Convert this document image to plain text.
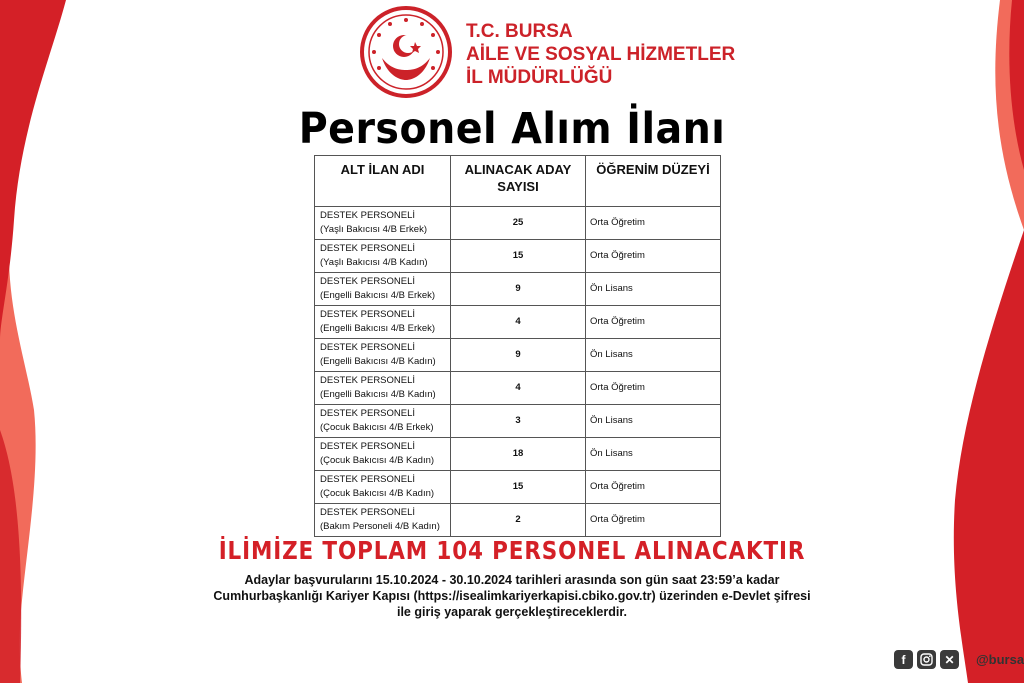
T.C. BURSA
AİLE VE SOSYAL HİZMETLER
İL MÜDÜRLÜĞÜ
Personel Alım İlanı
ALT İLAN ADI	ALINACAK ADAY SAYISI	ÖĞRENİM DÜZEYİ

DESTEK PERSONELİ
(Yaşlı Bakıcısı 4/B Erkek)	25	Orta Öğretim

DESTEK PERSONELİ
(Yaşlı Bakıcısı 4/B Kadın)	15	Orta Öğretim

DESTEK PERSONELİ
(Engelli Bakıcısı 4/B Erkek)	9	Ön Lisans

DESTEK PERSONELİ
(Engelli Bakıcısı 4/B Erkek)	4	Orta Öğretim

DESTEK PERSONELİ
(Engelli Bakıcısı 4/B Kadın)	9	Ön Lisans

DESTEK PERSONELİ
(Engelli Bakıcısı 4/B Kadın)	4	Orta Öğretim

DESTEK PERSONELİ
(Çocuk Bakıcısı 4/B Erkek)	3	Ön Lisans

DESTEK PERSONELİ
(Çocuk Bakıcısı 4/B Kadın)	18	Ön Lisans

DESTEK PERSONELİ
(Çocuk Bakıcısı 4/B Kadın)	15	Orta Öğretim

DESTEK PERSONELİ
(Bakım Personeli 4/B Kadın)	2	Orta Öğretim
İLİMİZE TOPLAM 104 PERSONEL ALINACAKTIR
Adaylar başvurularını 15.10.2024 - 30.10.2024 tarihleri arasında son gün saat 23:59’a kadar
Cumhurbaşkanlığı Kariyer Kapısı (https://isealimkariyerkapisi.cbiko.gov.tr) üzerinden e-Devlet şifresi
ile giriş yaparak gerçekleştireceklerdir.
f	✕	@bursa
